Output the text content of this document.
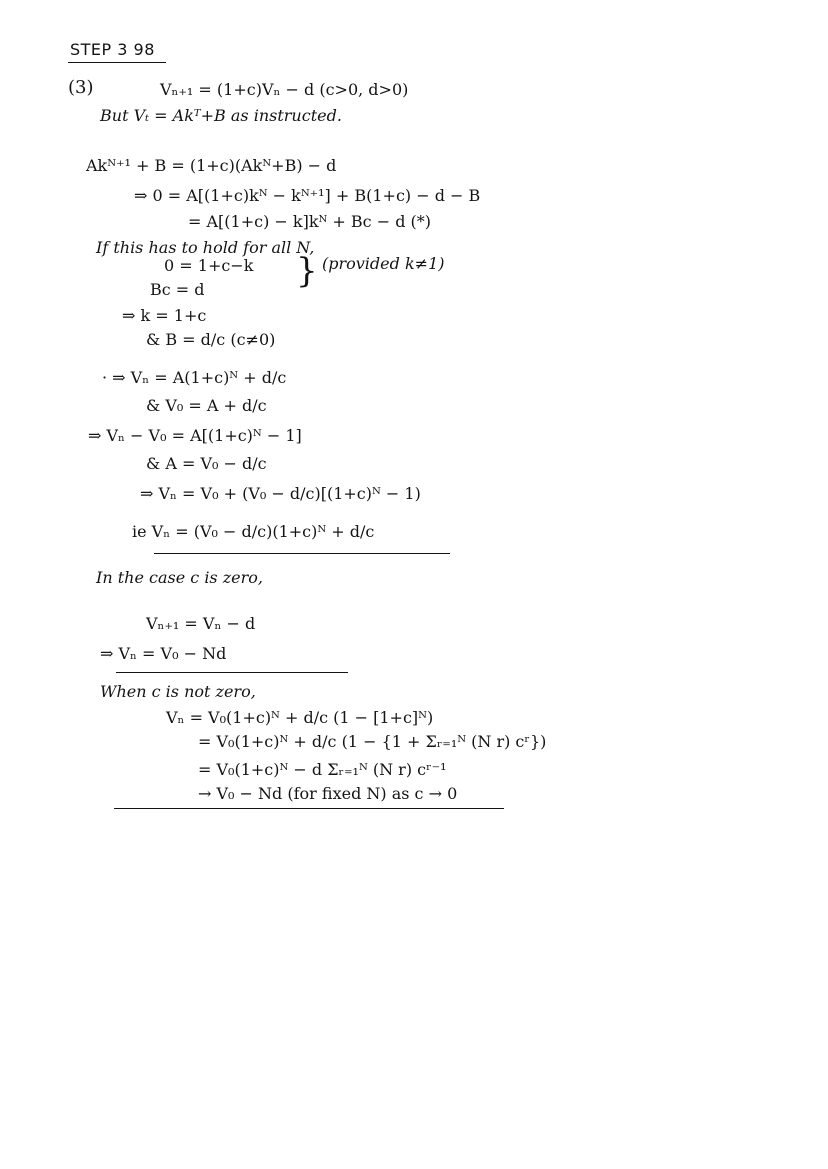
STEP 3 98
(3)	Vₙ₊₁ = (1+c)Vₙ − d (c>0, d>0)
But Vₜ = Akᵀ+B as instructed.
Akᴺ⁺¹ + B = (1+c)(Akᴺ+B) − d
⇒ 0 = A[(1+c)kᴺ − kᴺ⁺¹] + B(1+c) − d − B
= A[(1+c) − k]kᴺ + Bc − d (*)
If this has to hold for all N,
0 = 1+c−k } (provided k≠1)
Bc = d
⇒ k = 1+c
& B = d/c (c≠0)
· ⇒ Vₙ = A(1+c)ᴺ + d/c
& V₀ = A + d/c
⇒ Vₙ − V₀ = A[(1+c)ᴺ − 1]
& A = V₀ − d/c
⇒ Vₙ = V₀ + (V₀ − d/c)[(1+c)ᴺ − 1)
ie Vₙ = (V₀ − d/c)(1+c)ᴺ + d/c
In the case c is zero,
Vₙ₊₁ = Vₙ − d
⇒ Vₙ = V₀ − Nd
When c is not zero,
Vₙ = V₀(1+c)ᴺ + d/c (1 − [1+c]ᴺ)
= V₀(1+c)ᴺ + d/c (1 − {1 + Σᵣ₌₁ᴺ (N r) cʳ})
= V₀(1+c)ᴺ − d Σᵣ₌₁ᴺ (N r) cʳ⁻¹
→ V₀ − Nd (for fixed N) as c → 0
